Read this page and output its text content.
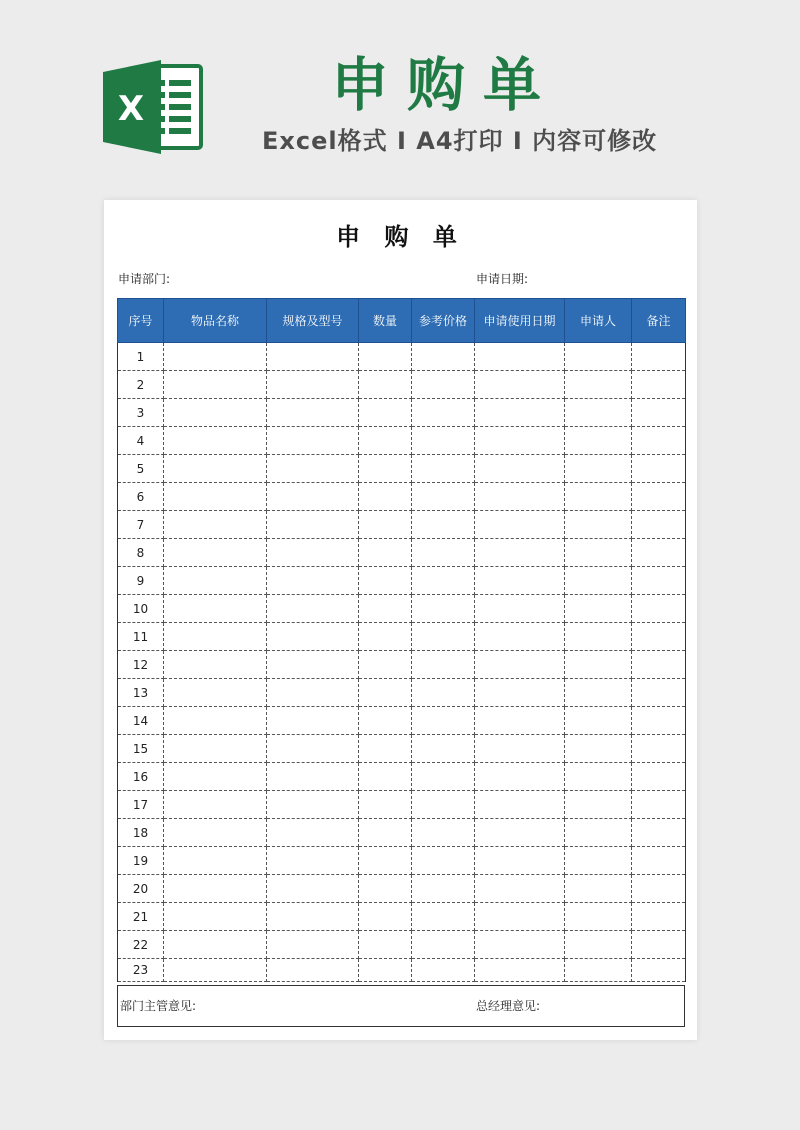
X	申购单
Excel格式 I A4打印 I 内容可修改
申 购 单
申请部门:	申请日期:
序号	物品名称	规格及型号	数量	参考价格	申请使用日期	申请人	备注
1							
2							
3							
4							
5							
6							
7							
8							
9							
10							
11							
12							
13							
14							
15							
16							
17							
18							
19							
20							
21							
22							
23							
部门主管意见:	总经理意见:
